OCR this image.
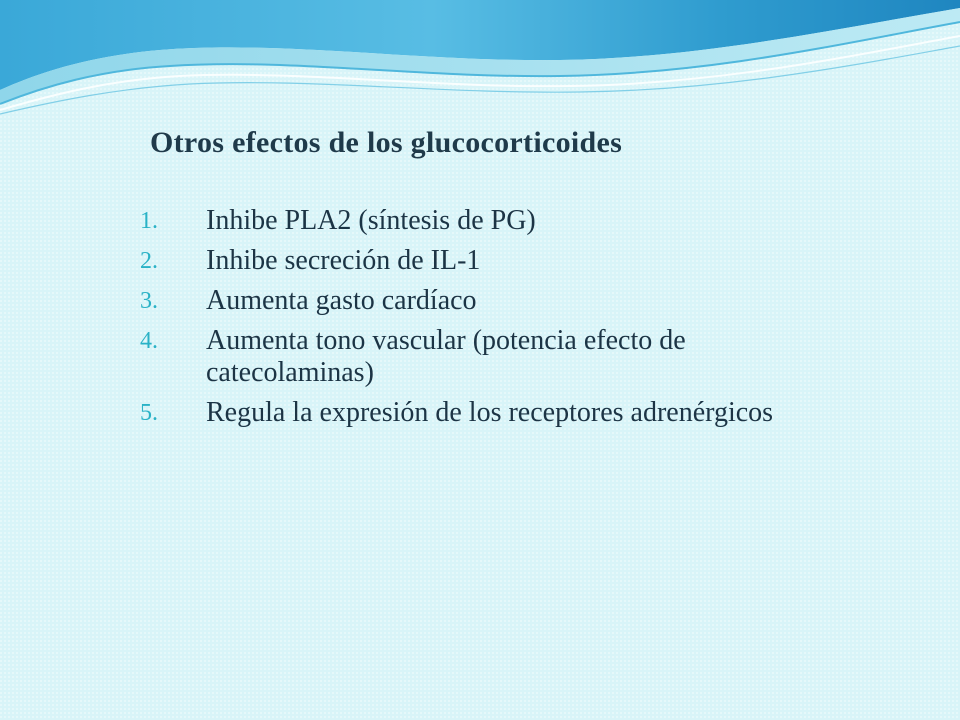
Otros efectos de los glucocorticoides
1.	Inhibe PLA2 (síntesis de PG)
2.	Inhibe secreción de IL-1
3.	Aumenta gasto cardíaco
4.	Aumenta tono vascular (potencia efecto de catecolaminas)
5.	Regula la expresión de los receptores adrenérgicos
